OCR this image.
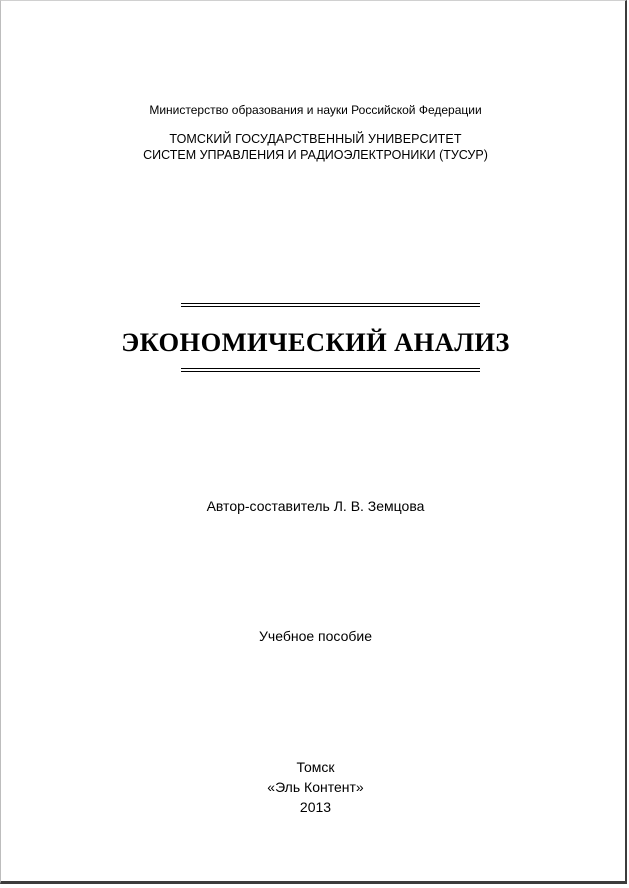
Министерство образования и науки Российской Федерации
ТОМСКИЙ ГОСУДАРСТВЕННЫЙ УНИВЕРСИТЕТ
СИСТЕМ УПРАВЛЕНИЯ И РАДИОЭЛЕКТРОНИКИ (ТУСУР)
ЭКОНОМИЧЕСКИЙ АНАЛИЗ
Автор-составитель Л. В. Земцова
Учебное пособие
Томск
«Эль Контент»
2013
